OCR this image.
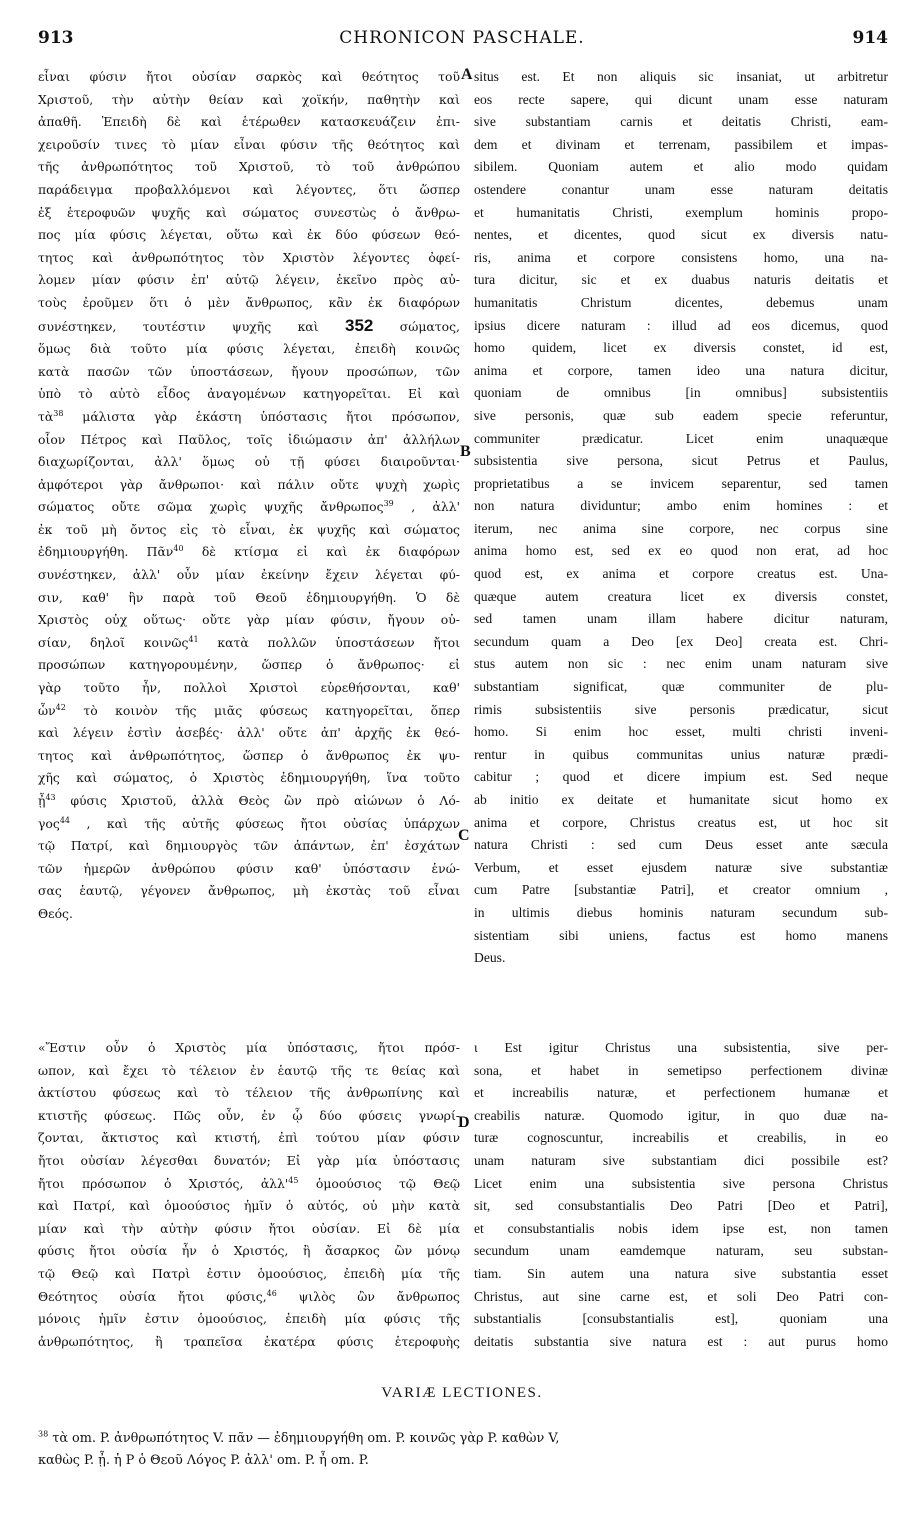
913	CHRONICON PASCHALE.	914
εἶναι φύσιν ἤτοι οὐσίαν σαρκὸς καὶ θεότητος τοῦ
Χριστοῦ, τὴν αὐτὴν θείαν καὶ χοϊκήν, παθητὴν καὶ
ἀπαθῆ. Ἐπειδὴ δὲ καὶ ἑτέρωθεν κατασκευάζειν ἐπι-
χειροῦσίν τινες τὸ μίαν εἶναι φύσιν τῆς θεότητος καὶ
τῆς ἀνθρωπότητος τοῦ Χριστοῦ, τὸ τοῦ ἀνθρώπου
παράδειγμα προβαλλόμενοι καὶ λέγοντες, ὅτι ὥσπερ
ἐξ ἑτεροφυῶν ψυχῆς καὶ σώματος συνεστὼς ὁ ἄνθρω-
πος μία φύσις λέγεται, οὕτω καὶ ἐκ δύο φύσεων θεό-
τητος καὶ ἀνθρωπότητος τὸν Χριστὸν λέγοντες ὀφεί-
λομεν μίαν φύσιν ἐπ' αὐτῷ λέγειν, ἐκεῖνο πρὸς αὐ-
τοὺς ἐροῦμεν ὅτι ὁ μὲν ἄνθρωπος, κἂν ἐκ διαφόρων
συνέστηκεν, τουτέστιν ψυχῆς καὶ 352 σώματος,
ὅμως διὰ τοῦτο μία φύσις λέγεται, ἐπειδὴ κοινῶς
κατὰ πασῶν τῶν ὑποστάσεων, ἤγουν προσώπων, τῶν
ὑπὸ τὸ αὐτὸ εἶδος ἀναγομένων κατηγορεῖται. Εἰ καὶ
τὰ$^{38}$ μάλιστα γὰρ ἑκάστη ὑπόστασις ἤτοι πρόσωπον,
οἷον Πέτρος καὶ Παῦλος, τοῖς ἰδιώμασιν ἀπ' ἀλλήλων
διαχωρίζονται, ἀλλ' ὅμως οὐ τῇ φύσει διαιροῦνται·
ἀμφότεροι γὰρ ἄνθρωποι· καὶ πάλιν οὔτε ψυχὴ χωρὶς
σώματος οὔτε σῶμα χωρὶς ψυχῆς ἄνθρωπος$^{39}$ , ἀλλ'
ἐκ τοῦ μὴ ὄντος εἰς τὸ εἶναι, ἐκ ψυχῆς καὶ σώματος
ἐδημιουργήθη. Πᾶν$^{40}$ δὲ κτίσμα εἰ καὶ ἐκ διαφόρων
συνέστηκεν, ἀλλ' οὖν μίαν ἐκείνην ἔχειν λέγεται φύ-
σιν, καθ' ἣν παρὰ τοῦ Θεοῦ ἐδημιουργήθη. Ὁ δὲ
Χριστὸς οὐχ οὕτως· οὔτε γὰρ μίαν φύσιν, ἤγουν οὐ-
σίαν, δηλοῖ κοινῶς$^{41}$ κατὰ πολλῶν ὑποστάσεων ἤτοι
προσώπων κατηγορουμένην, ὥσπερ ὁ ἄνθρωπος· εἰ
γὰρ τοῦτο ἦν, πολλοὶ Χριστοὶ εὑρεθήσονται, καθ'
ὧν$^{42}$ τὸ κοινὸν τῆς μιᾶς φύσεως κατηγορεῖται, ὅπερ
καὶ λέγειν ἐστὶν ἀσεβές· ἀλλ' οὔτε ἀπ' ἀρχῆς ἐκ θεό-
τητος καὶ ἀνθρωπότητος, ὥσπερ ὁ ἄνθρωπος ἐκ ψυ-
χῆς καὶ σώματος, ὁ Χριστὸς ἐδημιουργήθη, ἵνα τοῦτο
ᾖ$^{43}$ φύσις Χριστοῦ, ἀλλὰ Θεὸς ὢν πρὸ αἰώνων ὁ Λό-
γος$^{44}$ , καὶ τῆς αὐτῆς φύσεως ἤτοι οὐσίας ὑπάρχων
τῷ Πατρί, καὶ δημιουργὸς τῶν ἁπάντων, ἐπ' ἐσχάτων
τῶν ἡμερῶν ἀνθρώπου φύσιν καθ' ὑπόστασιν ἑνώ-
σας ἑαυτῷ, γέγονεν ἄνθρωπος, μὴ ἐκστὰς τοῦ εἶναι
Θεός.
«Ἔστιν οὖν ὁ Χριστὸς μία ὑπόστασις, ἤτοι πρόσ-
ωπον, καὶ ἔχει τὸ τέλειον ἐν ἑαυτῷ τῆς τε θείας καὶ
ἀκτίστου φύσεως καὶ τὸ τέλειον τῆς ἀνθρωπίνης καὶ
κτιστῆς φύσεως. Πῶς οὖν, ἐν ᾧ δύο φύσεις γνωρί-
ζονται, ἄκτιστος καὶ κτιστή, ἐπὶ τούτου μίαν φύσιν
ἤτοι οὐσίαν λέγεσθαι δυνατόν; Εἰ γὰρ μία ὑπόστασις
ἤτοι πρόσωπον ὁ Χριστός, $ἀ\lambda\lambda'^{45}$ ὁμοούσιος τῷ Θεῷ
καὶ Πατρί, καὶ ὁμοούσιος ἡμῖν ὁ αὐτός, οὐ μὴν κατὰ
μίαν καὶ τὴν αὐτὴν φύσιν ἤτοι οὐσίαν. Εἰ δὲ μία
φύσις ἤτοι οὐσία ἦν ὁ Χριστός, ἢ ἄσαρκος ὢν μόνῳ
τῷ Θεῷ καὶ Πατρὶ ἐστιν ὁμοούσιος, ἐπειδὴ μία τῆς
Θεότητος οὐσία ἤτοι φύσις,$^{46}$ ψιλὸς ὢν ἄνθρωπος
μόνοις ἡμῖν ἐστιν ὁμοούσιος, ἐπειδὴ μία φύσις τῆς
ἀνθρωπότητος, ἢ τραπεῖσα ἑκατέρα φύσις ἑτεροφυὴς
situs est. Et non aliquis sic insaniat, ut arbitretur
eos recte sapere, qui dicunt unam esse naturam
sive substantiam carnis et deitatis Christi, eam-
dem et divinam et terrenam, passibilem et impas-
sibilem. Quoniam autem et alio modo quidam
ostendere conantur unam esse naturam deitatis
et humanitatis Christi, exemplum hominis propo-
nentes, et dicentes, quod sicut ex diversis natu-
ris, anima et corpore consistens homo, una na-
tura dicitur, sic et ex duabus naturis deitatis et
humanitatis Christum dicentes, debemus unam
ipsius dicere naturam : illud ad eos dicemus, quod
homo quidem, licet ex diversis constet, id est,
anima et corpore, tamen ideo una natura dicitur,
quoniam de omnibus [in omnibus] subsistentiis
sive personis, quæ sub eadem specie referuntur,
communiter prædicatur. Licet enim unaquæque
subsistentia sive persona, sicut Petrus et Paulus,
proprietatibus a se invicem separentur, sed tamen
non natura dividuntur; ambo enim homines : et
iterum, nec anima sine corpore, nec corpus sine
anima homo est, sed ex eo quod non erat, ad hoc
quod est, ex anima et corpore creatus est. Una-
quæque autem creatura licet ex diversis constet,
sed tamen unam illam habere dicitur naturam,
secundum quam a Deo [ex Deo] creata est. Chri-
stus autem non sic : nec enim unam naturam sive
substantiam significat, quæ communiter de plu-
rimis subsistentiis sive personis prædicatur, sicut
homo. Si enim hoc esset, multi christi inveni-
rentur in quibus communitas unius naturæ prædi-
cabitur ; quod et dicere impium est. Sed neque
ab initio ex deitate et humanitate sicut homo ex
anima et corpore, Christus creatus est, ut hoc sit
natura Christi : sed cum Deus esset ante sæcula
Verbum, et esset ejusdem naturæ sive substantiæ
cum Patre [substantiæ Patri], et creator omnium ,
in ultimis diebus hominis naturam secundum sub-
sistentiam sibi uniens, factus est homo manens
Deus.
ι Est igitur Christus una subsistentia, sive per-
sona, et habet in semetipso perfectionem divinæ
et increabilis naturæ, et perfectionem humanæ et
creabilis naturæ. Quomodo igitur, in quo duæ na-
turæ cognoscuntur, increabilis et creabilis, in eo
unam naturam sive substantiam dici possibile est?
Licet enim una subsistentia sive persona Christus
sit, sed consubstantialis Deo Patri [Deo et Patri],
et consubstantialis nobis idem ipse est, non tamen
secundum unam eamdemque naturam, seu substan-
tiam. Sin autem una natura sive substantia esset
Christus, aut sine carne est, et soli Deo Patri con-
substantialis [consubstantialis est], quoniam una
deitatis substantia sive natura est : aut purus homo
A
B
C
D
VARIÆ LECTIONES.
$^{38}$ τὰ om. P. ἀνθρωπότητος V. πᾶν — ἐδημιουργήθη om. P. κοινῶς γὰρ P. καθὼν V,
καθὼς P. ᾖ. ἡ P ὁ Θεοῦ Λόγος P. ἀλλ' om. P. ἦ om. P.
